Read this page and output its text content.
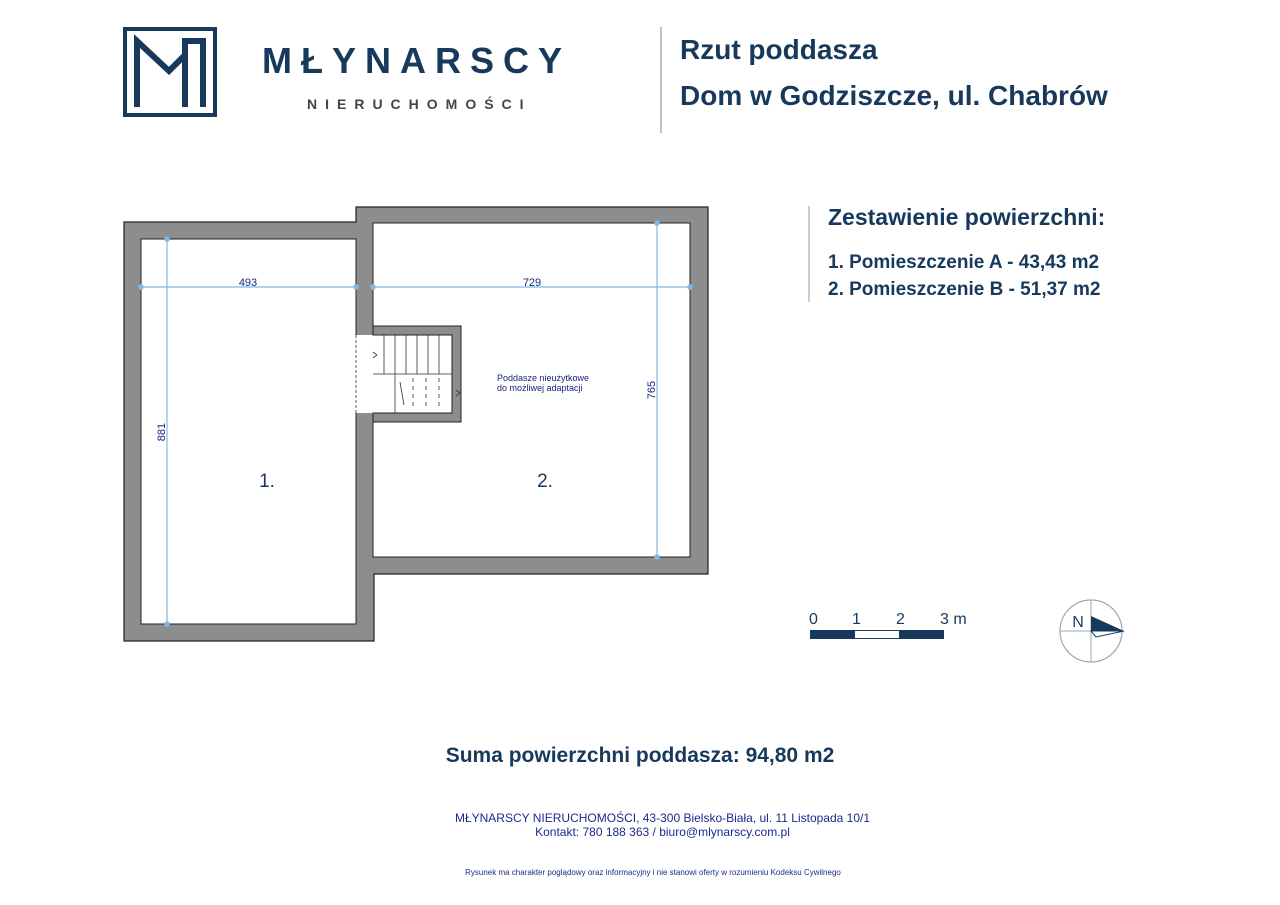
MŁYNARSCY
NIERUCHOMOŚCI
Rzut poddasza
Dom w Godziszcze, ul. Chabrów
Zestawienie powierzchni:
1. Pomieszczenie A - 43,43 m2
2. Pomieszczenie B - 51,37 m2
493	729
881
765
Poddasze nieużytkowe
do możliwej adaptacji
1.	2.
N
0 1 2 3 m
Suma powierzchni poddasza: 94,80 m2
MŁYNARSCY NIERUCHOMOŚCI, 43-300 Bielsko-Biała, ul. 11 Listopada 10/1
Kontakt: 780 188 363 / biuro@mlynarscy.com.pl
Rysunek ma charakter poglądowy oraz informacyjny i nie stanowi oferty w rozumieniu Kodeksu Cywilnego
